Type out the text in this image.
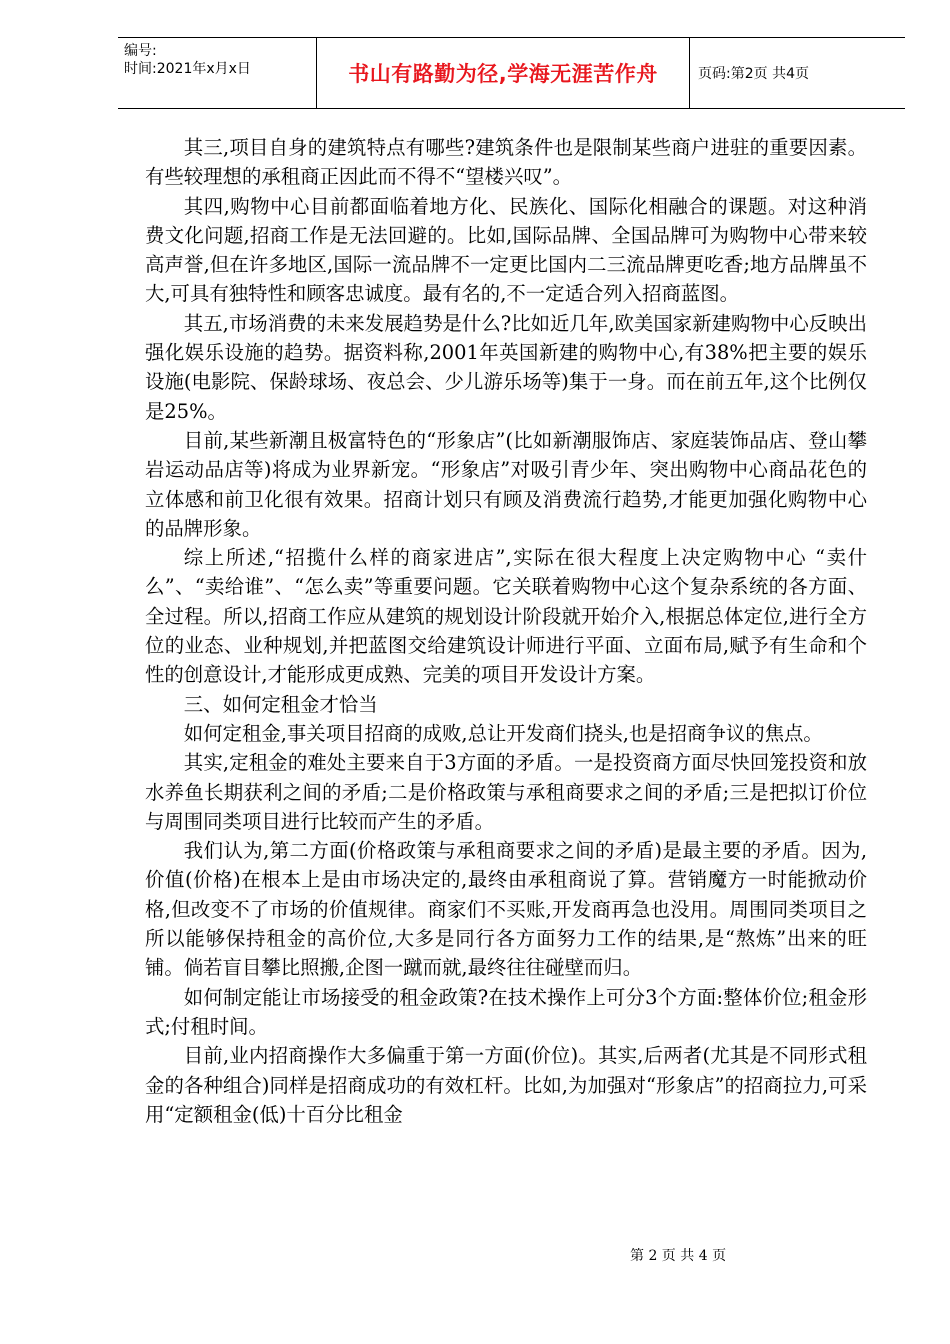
编号:
时间:2021年x月x日	书山有路勤为径,学海无涯苦作舟	页码:第2页 共4页

其三,项目自身的建筑特点有哪些?建筑条件也是限制某些商户进驻的重要因素。有些较理想的承租商正因此而不得不“望楼兴叹”。

其四,购物中心目前都面临着地方化、民族化、国际化相融合的课题。对这种消费文化问题,招商工作是无法回避的。比如,国际品牌、全国品牌可为购物中心带来较高声誉,但在许多地区,国际一流品牌不一定更比国内二三流品牌更吃香;地方品牌虽不大,可具有独特性和顾客忠诚度。最有名的,不一定适合列入招商蓝图。

其五,市场消费的未来发展趋势是什么?比如近几年,欧美国家新建购物中心反映出强化娱乐设施的趋势。据资料称,2001年英国新建的购物中心,有38%把主要的娱乐设施(电影院、保龄球场、夜总会、少儿游乐场等)集于一身。而在前五年,这个比例仅是25%。

目前,某些新潮且极富特色的“形象店”(比如新潮服饰店、家庭装饰品店、登山攀岩运动品店等)将成为业界新宠。“形象店”对吸引青少年、突出购物中心商品花色的立体感和前卫化很有效果。招商计划只有顾及消费流行趋势,才能更加强化购物中心的品牌形象。

综上所述,“招揽什么样的商家进店”,实际在很大程度上决定购物中心 “卖什么”、“卖给谁”、“怎么卖”等重要问题。它关联着购物中心这个复杂系统的各方面、全过程。所以,招商工作应从建筑的规划设计阶段就开始介入,根据总体定位,进行全方位的业态、业种规划,并把蓝图交给建筑设计师进行平面、立面布局,赋予有生命和个性的创意设计,才能形成更成熟、完美的项目开发设计方案。

三、如何定租金才恰当

如何定租金,事关项目招商的成败,总让开发商们挠头,也是招商争议的焦点。

其实,定租金的难处主要来自于3方面的矛盾。一是投资商方面尽快回笼投资和放水养鱼长期获利之间的矛盾;二是价格政策与承租商要求之间的矛盾;三是把拟订价位与周围同类项目进行比较而产生的矛盾。

我们认为,第二方面(价格政策与承租商要求之间的矛盾)是最主要的矛盾。因为,价值(价格)在根本上是由市场决定的,最终由承租商说了算。营销魔方一时能掀动价格,但改变不了市场的价值规律。商家们不买账,开发商再急也没用。周围同类项目之所以能够保持租金的高价位,大多是同行各方面努力工作的结果,是“熬炼”出来的旺铺。倘若盲目攀比照搬,企图一蹴而就,最终往往碰壁而归。

如何制定能让市场接受的租金政策?在技术操作上可分3个方面:整体价位;租金形式;付租时间。

目前,业内招商操作大多偏重于第一方面(价位)。其实,后两者(尤其是不同形式租金的各种组合)同样是招商成功的有效杠杆。比如,为加强对“形象店”的招商拉力,可采用“定额租金(低)十百分比租金

第 2 页 共 4 页
